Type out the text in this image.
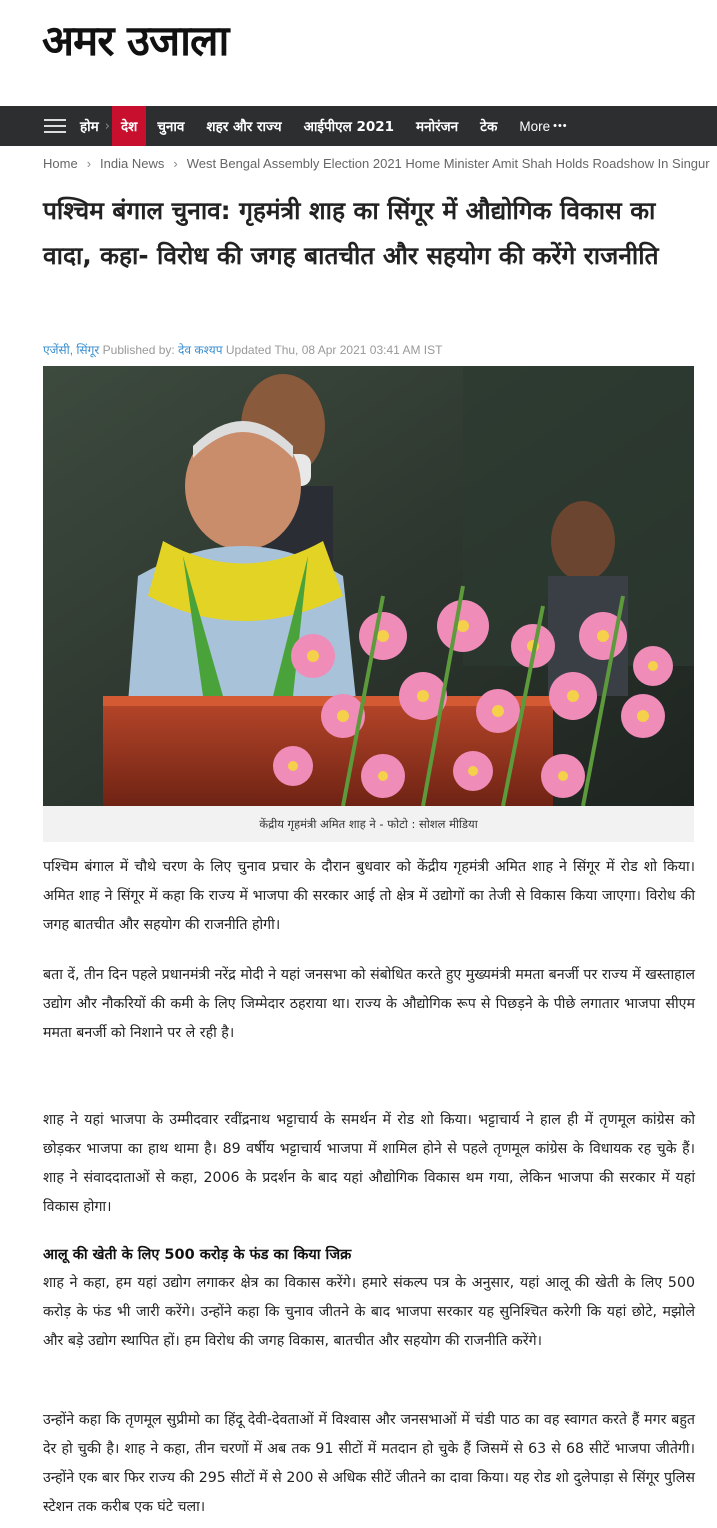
अमर उजाला
होम › देश चुनाव शहर और राज्य आईपीएल 2021 मनोरंजन टेक More •••
Home › India News › West Bengal Assembly Election 2021 Home Minister Amit Shah Holds Roadshow In Singur
पश्चिम बंगाल चुनाव: गृहमंत्री शाह का सिंगूर में औद्योगिक विकास का वादा, कहा- विरोध की जगह बातचीत और सहयोग की करेंगे राजनीति
एजेंसी, सिंगूर Published by: देव कश्यप Updated Thu, 08 Apr 2021 03:41 AM IST
केंद्रीय गृहमंत्री अमित शाह ने - फोटो : सोशल मीडिया

पश्चिम बंगाल में चौथे चरण के लिए चुनाव प्रचार के दौरान बुधवार को केंद्रीय गृहमंत्री अमित शाह ने सिंगूर में रोड शो किया। अमित शाह ने सिंगूर में कहा कि राज्य में भाजपा की सरकार आई तो क्षेत्र में उद्योगों का तेजी से विकास किया जाएगा। विरोध की जगह बातचीत और सहयोग की राजनीति होगी।

बता दें, तीन दिन पहले प्रधानमंत्री नरेंद्र मोदी ने यहां जनसभा को संबोधित करते हुए मुख्यमंत्री ममता बनर्जी पर राज्य में खस्ताहाल उद्योग और नौकरियों की कमी के लिए जिम्मेदार ठहराया था। राज्य के औद्योगिक रूप से पिछड़ने के पीछे लगातार भाजपा सीएम ममता बनर्जी को निशाने पर ले रही है।

शाह ने यहां भाजपा के उम्मीदवार रवींद्रनाथ भट्टाचार्य के समर्थन में रोड शो किया। भट्टाचार्य ने हाल ही में तृणमूल कांग्रेस को छोड़कर भाजपा का हाथ थामा है। 89 वर्षीय भट्टाचार्य भाजपा में शामिल होने से पहले तृणमूल कांग्रेस के विधायक रह चुके हैं। शाह ने संवाददाताओं से कहा, 2006 के प्रदर्शन के बाद यहां औद्योगिक विकास थम गया, लेकिन भाजपा की सरकार में यहां विकास होगा।

आलू की खेती के लिए 500 करोड़ के फंड का किया जिक्र

शाह ने कहा, हम यहां उद्योग लगाकर क्षेत्र का विकास करेंगे। हमारे संकल्प पत्र के अनुसार, यहां आलू की खेती के लिए 500 करोड़ के फंड भी जारी करेंगे। उन्होंने कहा कि चुनाव जीतने के बाद भाजपा सरकार यह सुनिश्चित करेगी कि यहां छोटे, मझोले और बड़े उद्योग स्थापित हों। हम विरोध की जगह विकास, बातचीत और सहयोग की राजनीति करेंगे।

उन्होंने कहा कि तृणमूल सुप्रीमो का हिंदू देवी-देवताओं में विश्वास और जनसभाओं में चंडी पाठ का वह स्वागत करते हैं मगर बहुत देर हो चुकी है। शाह ने कहा, तीन चरणों में अब तक 91 सीटों में मतदान हो चुके हैं जिसमें से 63 से 68 सीटें भाजपा जीतेगी। उन्होंने एक बार फिर राज्य की 295 सीटों में से 200 से अधिक सीटें जीतने का दावा किया। यह रोड शो दुलेपाड़ा से सिंगूर पुलिस स्टेशन तक करीब एक घंटे चला।
